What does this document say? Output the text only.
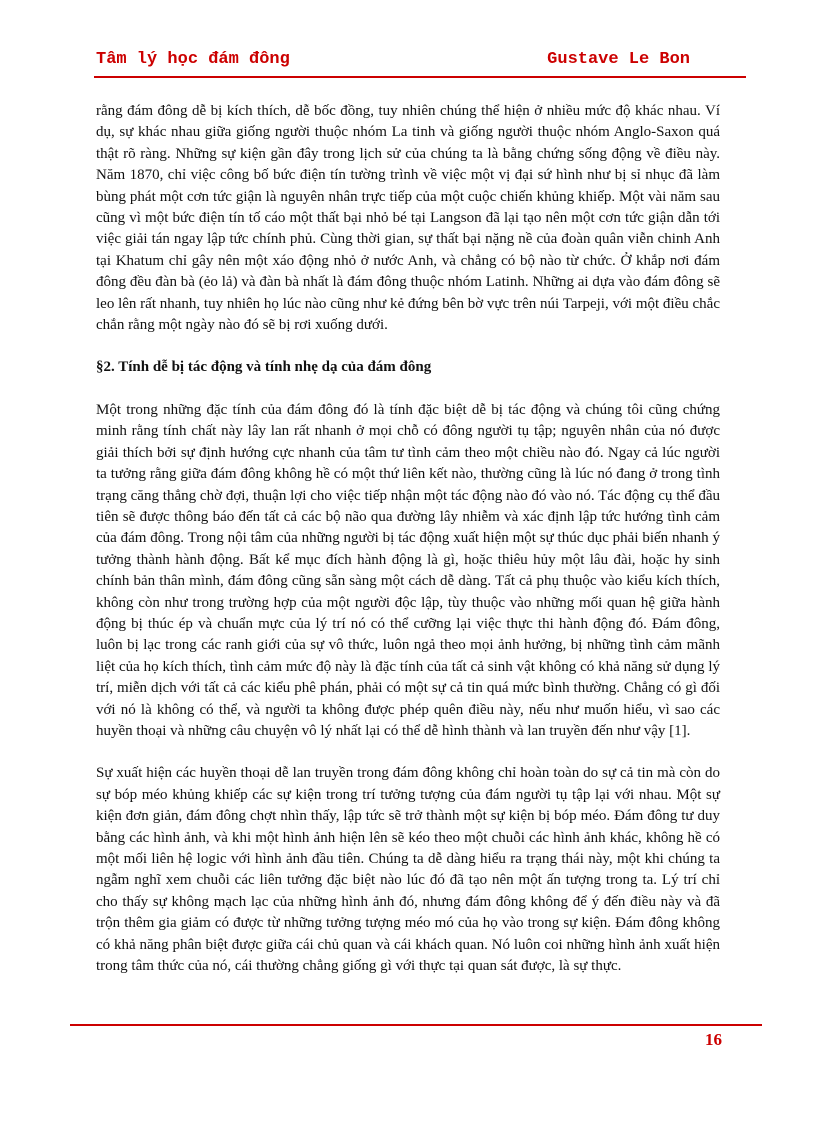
Tâm lý học đám đông	Gustave Le Bon

rằng đám đông dễ bị kích thích, dễ bốc đồng, tuy nhiên chúng thể hiện ở nhiều mức độ khác nhau. Ví dụ, sự khác nhau giữa giống người thuộc nhóm La tinh và giống người thuộc nhóm Anglo-Saxon quá thật rõ ràng. Những sự kiện gần đây trong lịch sử của chúng ta là bằng chứng sống động về điều này. Năm 1870, chỉ việc công bố bức điện tín tường trình về việc một vị đại sứ hình như bị sỉ nhục đã làm bùng phát một cơn tức giận là nguyên nhân trực tiếp của một cuộc chiến khủng khiếp. Một vài năm sau cũng vì một bức điện tín tố cáo một thất bại nhỏ bé tại Langson đã lại tạo nên một cơn tức giận dẫn tới việc giải tán ngay lập tức chính phủ. Cùng thời gian, sự thất bại nặng nề của đoàn quân viễn chinh Anh tại Khatum chỉ gây nên một xáo động nhỏ ở nước Anh, và chẳng có bộ nào từ chức. Ở khắp nơi đám đông đều đàn bà (ẻo lả) và đàn bà nhất là đám đông thuộc nhóm Latinh. Những ai dựa vào đám đông sẽ leo lên rất nhanh, tuy nhiên họ lúc nào cũng như kẻ đứng bên bờ vực trên núi Tarpeji, với một điều chắc chắn rằng một ngày nào đó sẽ bị rơi xuống dưới.

§2. Tính dễ bị tác động và tính nhẹ dạ của đám đông

Một trong những đặc tính của đám đông đó là tính đặc biệt dễ bị tác động và chúng tôi cũng chứng minh rằng tính chất này lây lan rất nhanh ở mọi chỗ có đông người tụ tập; nguyên nhân của nó được giải thích bởi sự định hướng cực nhanh của tâm tư tình cảm theo một chiều nào đó. Ngay cả lúc người ta tưởng rằng giữa đám đông không hề có một thứ liên kết nào, thường cũng là lúc nó đang ở trong tình trạng căng thẳng chờ đợi, thuận lợi cho việc tiếp nhận một tác động nào đó vào nó. Tác động cụ thể đầu tiên sẽ được thông báo đến tất cả các bộ não qua đường lây nhiễm và xác định lập tức hướng tình cảm của đám đông. Trong nội tâm của những người bị tác động xuất hiện một sự thúc dục phải biến nhanh ý tưởng thành hành động. Bất kể mục đích hành động là gì, hoặc thiêu hủy một lâu đài, hoặc hy sinh chính bản thân mình, đám đông cũng sẵn sàng một cách dễ dàng. Tất cả phụ thuộc vào kiểu kích thích, không còn như trong trường hợp của một người độc lập, tùy thuộc vào những mối quan hệ giữa hành động bị thúc ép và chuẩn mực của lý trí nó có thể cưỡng lại việc thực thi hành động đó. Đám đông, luôn bị lạc trong các ranh giới của sự vô thức, luôn ngả theo mọi ảnh hưởng, bị những tình cảm mãnh liệt của họ kích thích, tình cảm mức độ này là đặc tính của tất cả sinh vật không có khả năng sử dụng lý trí, miễn dịch với tất cả các kiểu phê phán, phải có một sự cả tin quá mức bình thường. Chẳng có gì đối với nó là không có thể, và người ta không được phép quên điều này, nếu như muốn hiểu, vì sao các huyền thoại và những câu chuyện vô lý nhất lại có thể dễ hình thành và lan truyền đến như vậy [1].

Sự xuất hiện các huyền thoại dễ lan truyền trong đám đông không chỉ hoàn toàn do sự cả tin mà còn do sự bóp méo khủng khiếp các sự kiện trong trí tưởng tượng của đám người tụ tập lại với nhau. Một sự kiện đơn giản, đám đông chợt nhìn thấy, lập tức sẽ trở thành một sự kiện bị bóp méo. Đám đông tư duy bằng các hình ảnh, và khi một hình ảnh hiện lên sẽ kéo theo một chuỗi các hình ảnh khác, không hề có một mối liên hệ logic với hình ảnh đầu tiên. Chúng ta dễ dàng hiểu ra trạng thái này, một khi chúng ta ngẫm nghĩ xem chuỗi các liên tưởng đặc biệt nào lúc đó đã tạo nên một ấn tượng trong ta. Lý trí chỉ cho thấy sự không mạch lạc của những hình ảnh đó, nhưng đám đông không để ý đến điều này và đã trộn thêm gia giảm có được từ những tưởng tượng méo mó của họ vào trong sự kiện. Đám đông không có khả năng phân biệt được giữa cái chủ quan và cái khách quan. Nó luôn coi những hình ảnh xuất hiện trong tâm thức của nó, cái thường chẳng giống gì với thực tại quan sát được, là sự thực.

16
